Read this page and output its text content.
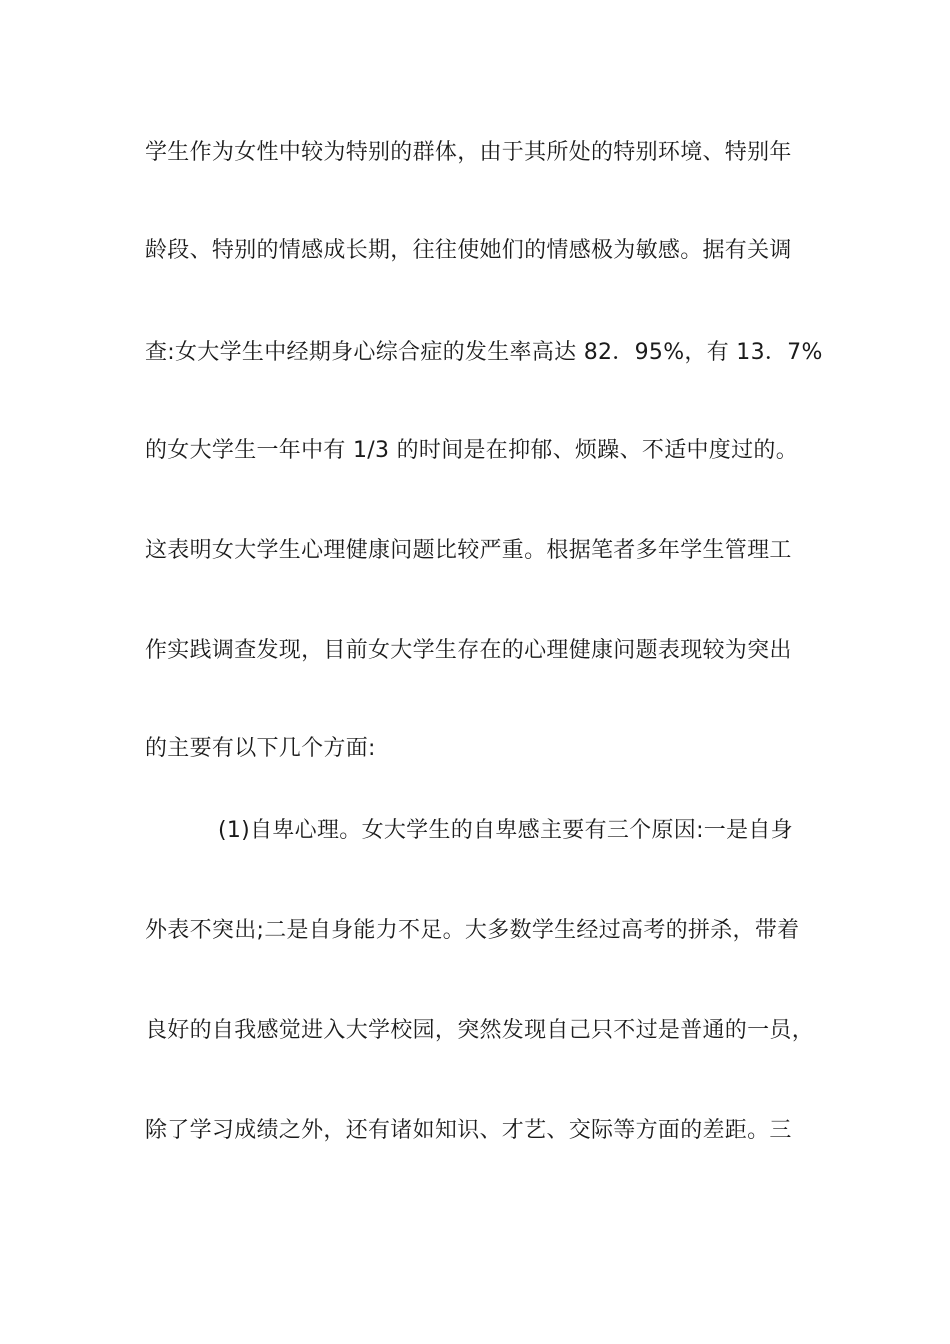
学生作为女性中较为特别的群体，由于其所处的特别环境、特别年
龄段、特别的情感成长期，往往使她们的情感极为敏感。据有关调
查:女大学生中经期身心综合症的发生率高达 82．95%，有 13．7%
的女大学生一年中有 1/3 的时间是在抑郁、烦躁、不适中度过的。
这表明女大学生心理健康问题比较严重。根据笔者多年学生管理工
作实践调查发现，目前女大学生存在的心理健康问题表现较为突出
的主要有以下几个方面:
(1)自卑心理。女大学生的自卑感主要有三个原因:一是自身
外表不突出;二是自身能力不足。大多数学生经过高考的拼杀，带着
良好的自我感觉进入大学校园，突然发现自己只不过是普通的一员，
除了学习成绩之外，还有诸如知识、才艺、交际等方面的差距。三
